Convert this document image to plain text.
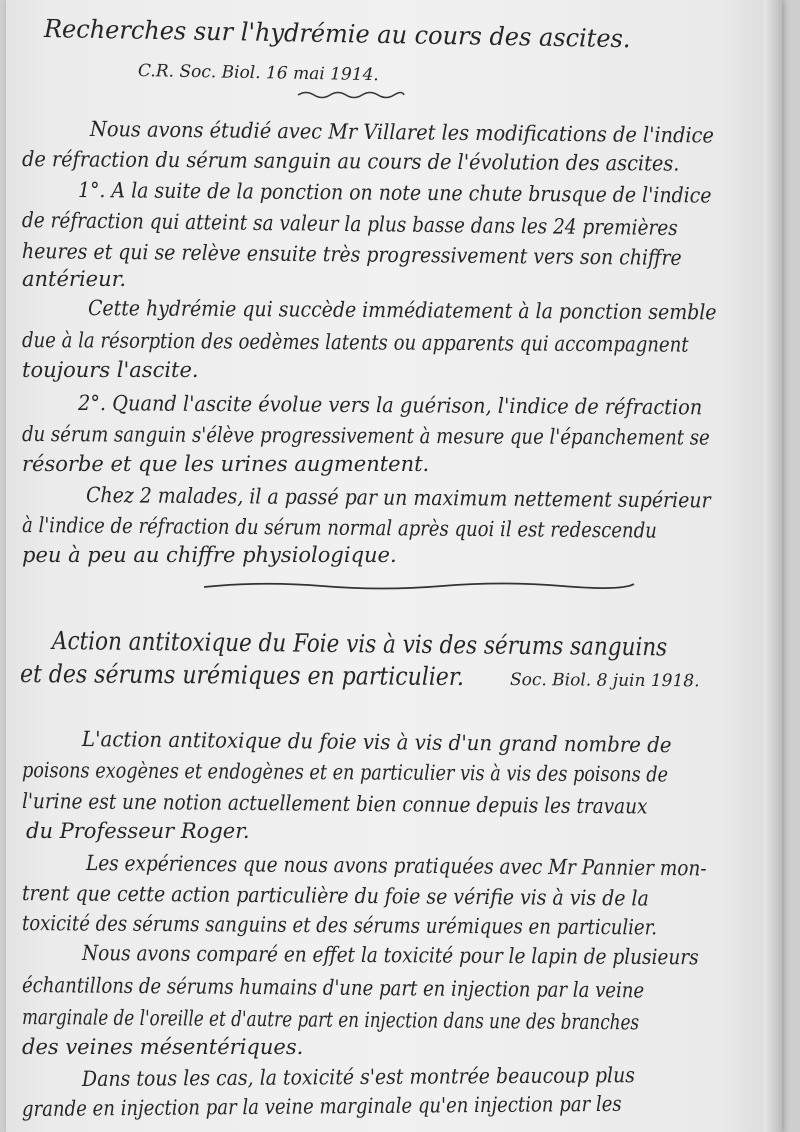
Recherches sur l'hydrémie au cours des ascites.
C.R. Soc. Biol. 16 mai 1914.
Nous avons étudié avec Mr Villaret les modifications de l'indice
de réfraction du sérum sanguin au cours de l'évolution des ascites.
1°. A la suite de la ponction on note une chute brusque de l'indice
de réfraction qui atteint sa valeur la plus basse dans les 24 premières
heures et qui se relève ensuite très progressivement vers son chiffre
antérieur.
Cette hydrémie qui succède immédiatement à la ponction semble
due à la résorption des oedèmes latents ou apparents qui accompagnent
toujours l'ascite.
2°. Quand l'ascite évolue vers la guérison, l'indice de réfraction
du sérum sanguin s'élève progressivement à mesure que l'épanchement se
résorbe et que les urines augmentent.
Chez 2 malades, il a passé par un maximum nettement supérieur
à l'indice de réfraction du sérum normal après quoi il est redescendu
peu à peu au chiffre physiologique.
Action antitoxique du Foie vis à vis des sérums sanguins
et des sérums urémiques en particulier.	Soc. Biol. 8 juin 1918.
L'action antitoxique du foie vis à vis d'un grand nombre de
poisons exogènes et endogènes et en particulier vis à vis des poisons de
l'urine est une notion actuellement bien connue depuis les travaux
du Professeur Roger.
Les expériences que nous avons pratiquées avec Mr Pannier mon-
trent que cette action particulière du foie se vérifie vis à vis de la
toxicité des sérums sanguins et des sérums urémiques en particulier.
Nous avons comparé en effet la toxicité pour le lapin de plusieurs
échantillons de sérums humains d'une part en injection par la veine
marginale de l'oreille et d'autre part en injection dans une des branches
des veines mésentériques.
Dans tous les cas, la toxicité s'est montrée beaucoup plus
grande en injection par la veine marginale qu'en injection par les
